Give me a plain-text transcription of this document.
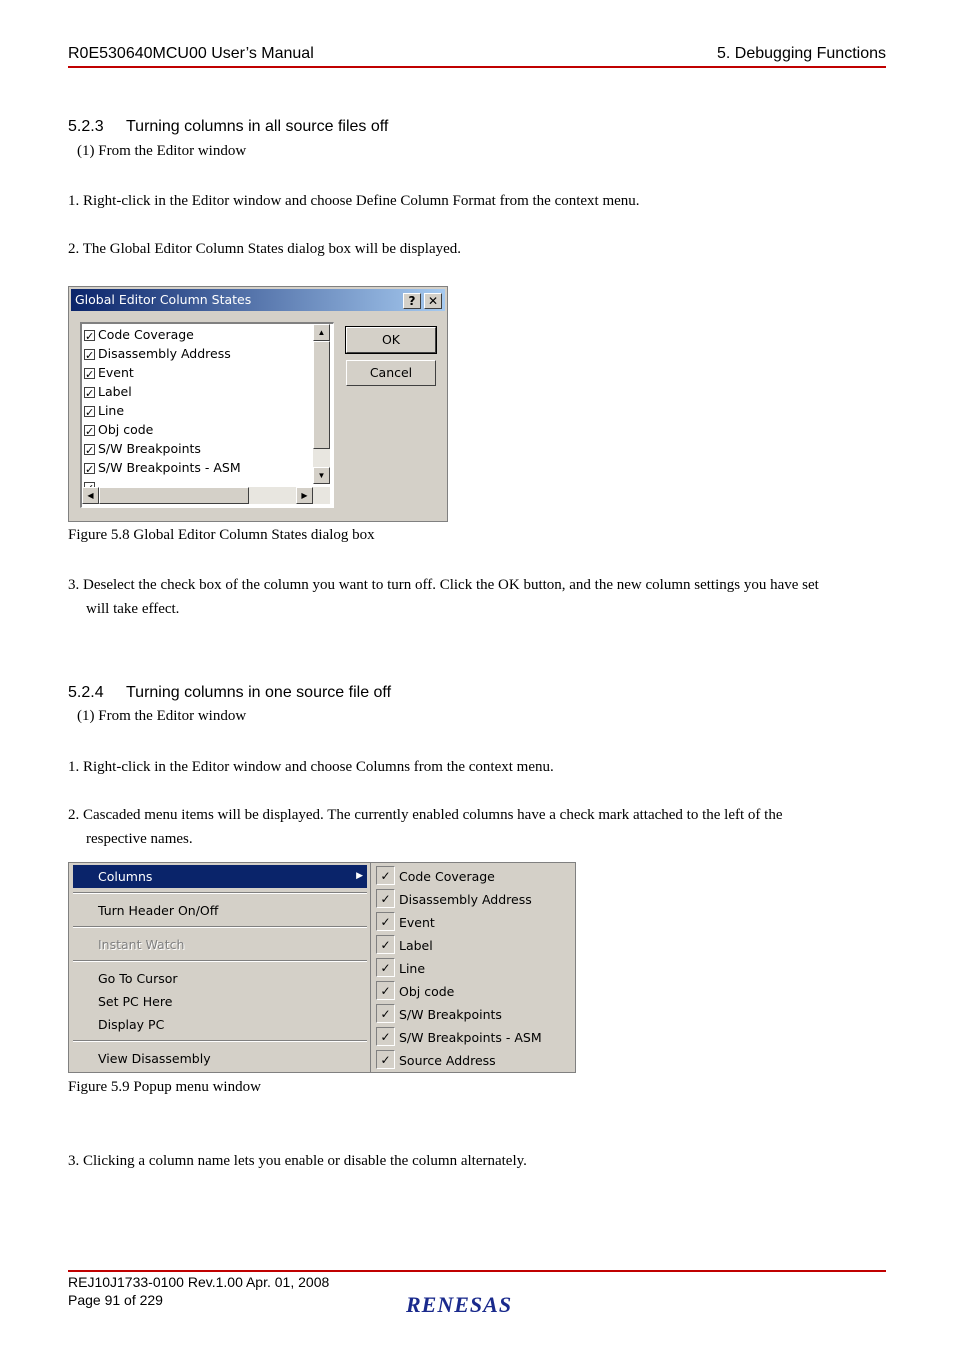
R0E530640MCU00 User’s Manual	5. Debugging Functions
5.2.3 Turning columns in all source files off
(1) From the Editor window
1. Right-click in the Editor window and choose Define Column Format from the context menu.
2. The Global Editor Column States dialog box will be displayed.
Global Editor Column States	?	✕
✓Code Coverage
✓Disassembly Address
✓Event
✓Label
✓Line
✓Obj code
✓S/W Breakpoints
✓S/W Breakpoints - ASM
✓
▲
▼
◀	▶
OK
Cancel
Figure 5.8 Global Editor Column States dialog box
3. Deselect the check box of the column you want to turn off. Click the OK button, and the new column settings you have set
will take effect.
5.2.4 Turning columns in one source file off
(1) From the Editor window
1. Right-click in the Editor window and choose Columns from the context menu.
2. Cascaded menu items will be displayed. The currently enabled columns have a check mark attached to the left of the
respective names.
Columns	▶
Turn Header On/Off
Instant Watch
Go To Cursor
Set PC Here
Display PC
View Disassembly
✓ Code Coverage
✓ Disassembly Address
✓ Event
✓ Label
✓ Line
✓ Obj code
✓ S/W Breakpoints
✓ S/W Breakpoints - ASM
✓ Source Address
Figure 5.9 Popup menu window
3. Clicking a column name lets you enable or disable the column alternately.
REJ10J1733-0100 Rev.1.00 Apr. 01, 2008
Page 91 of 229	RENESAS
